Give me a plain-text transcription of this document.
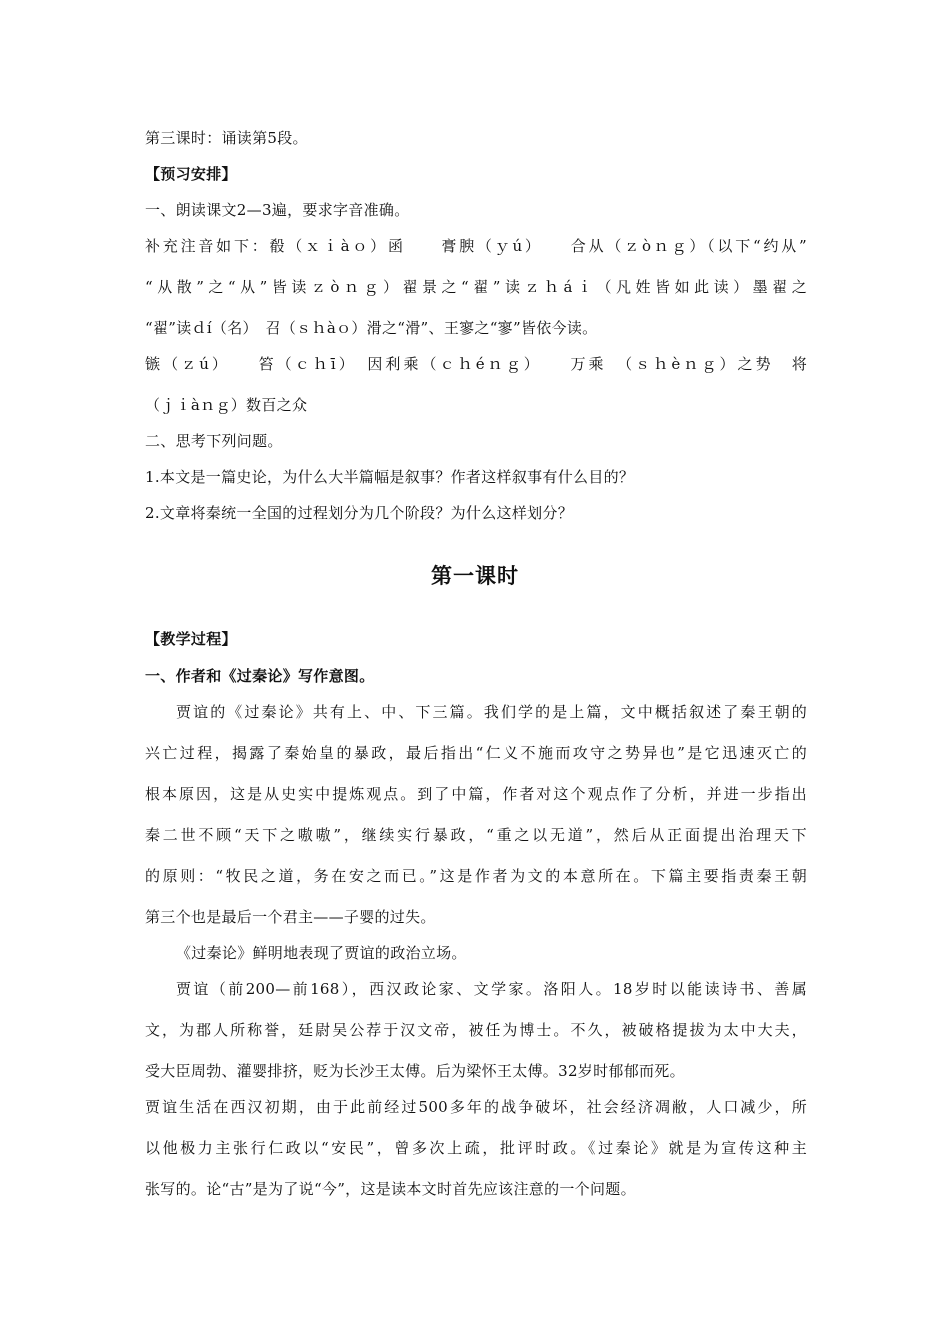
第三课时：诵读第5段。
【预习安排】
一、朗读课文2—3遍，要求字音准确。
补充注音如下：殽（ｘｉàｏ）函　　膏腴（ｙú）　　合从（ｚòｎｇ）（以下“约从”
“从散”之“从”皆读ｚòｎｇ）翟景之“翟”读ｚｈáｉ（凡姓皆如此读）墨翟之
“翟”读ｄí（名）　召（ｓｈàｏ）滑之“滑”、王寥之“寥”皆依今读。
镞（ｚú）　　笞（ｃｈī）　因利乘（ｃｈéｎｇ）　　万乘　（ｓｈèｎｇ）之势　将
（ｊｉàｎｇ）数百之众
二、思考下列问题。
1.本文是一篇史论，为什么大半篇幅是叙事？作者这样叙事有什么目的？
2.文章将秦统一全国的过程划分为几个阶段？为什么这样划分？
第一课时
【教学过程】
一、作者和《过秦论》写作意图。
贾谊的《过秦论》共有上、中、下三篇。我们学的是上篇，文中概括叙述了秦王朝的
兴亡过程，揭露了秦始皇的暴政，最后指出“仁义不施而攻守之势异也”是它迅速灭亡的
根本原因，这是从史实中提炼观点。到了中篇，作者对这个观点作了分析，并进一步指出
秦二世不顾“天下之嗷嗷”，继续实行暴政，“重之以无道”，然后从正面提出治理天下
的原则：“牧民之道，务在安之而已。”这是作者为文的本意所在。下篇主要指责秦王朝
第三个也是最后一个君主——子婴的过失。
《过秦论》鲜明地表现了贾谊的政治立场。
贾谊（前200—前168），西汉政论家、文学家。洛阳人。18岁时以能读诗书、善属
文，为郡人所称誉，廷尉吴公荐于汉文帝，被任为博士。不久，被破格提拔为太中大夫，
受大臣周勃、灌婴排挤，贬为长沙王太傅。后为梁怀王太傅。32岁时郁郁而死。
贾谊生活在西汉初期，由于此前经过500多年的战争破坏，社会经济凋敝，人口减少，所
以他极力主张行仁政以“安民”，曾多次上疏，批评时政。《过秦论》就是为宣传这种主
张写的。论“古”是为了说“今”，这是读本文时首先应该注意的一个问题。
